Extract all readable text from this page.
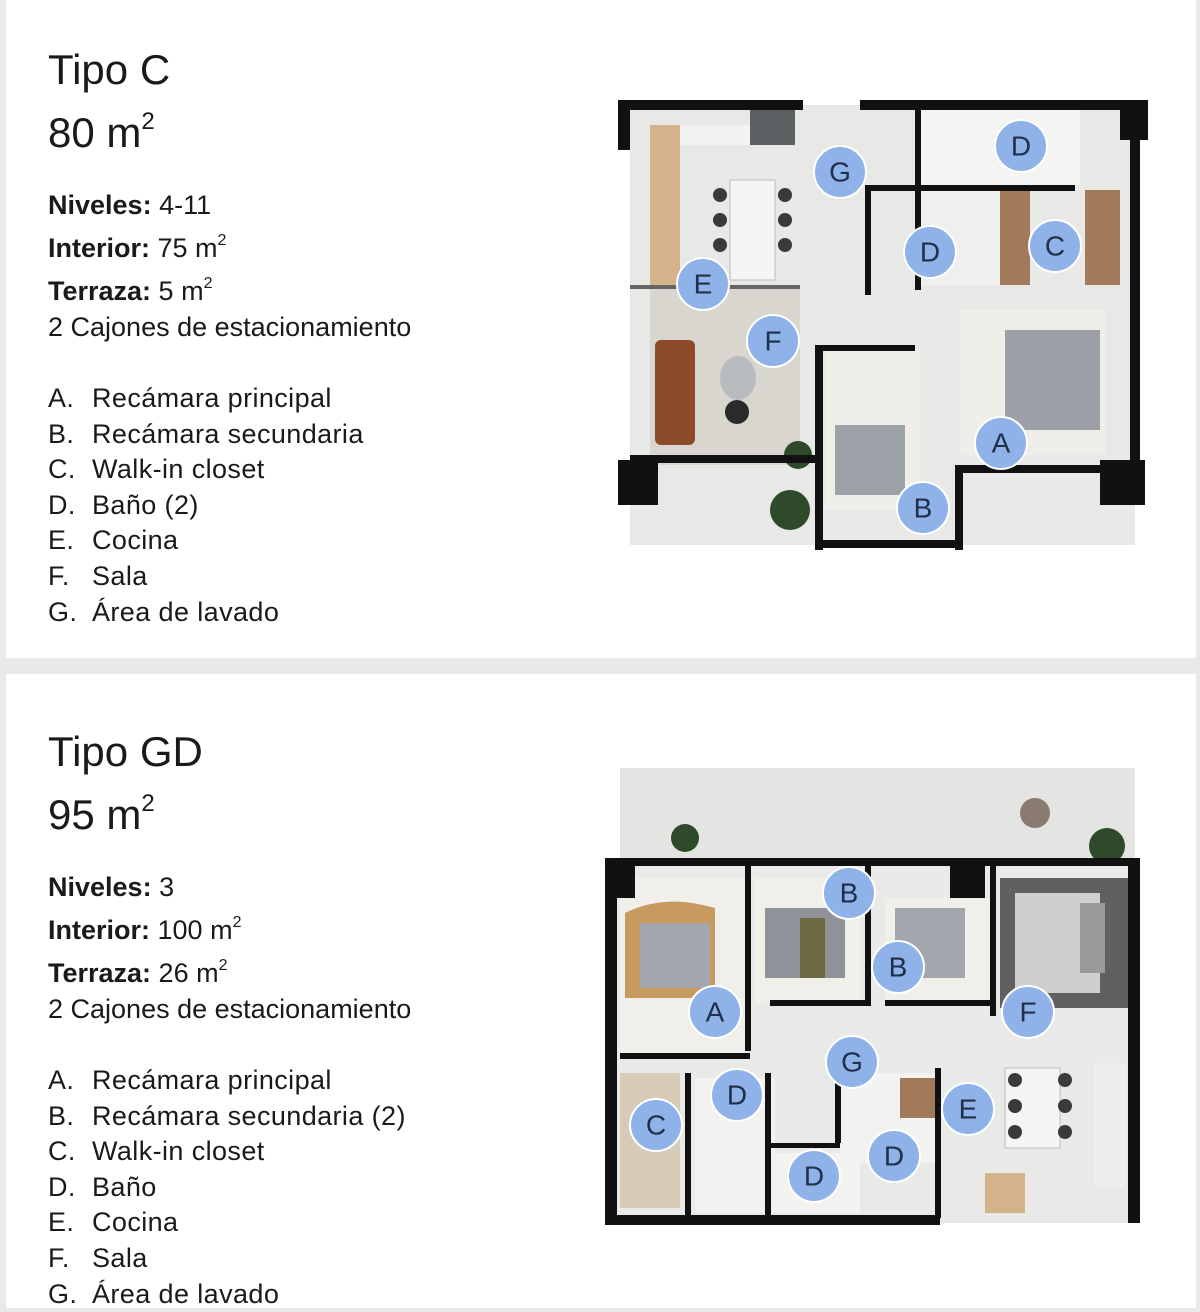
Tipo C
80 $m^2$
Niveles: 4-11
Interior: 75 $m^2$
Terraza: 5 $m^2$
2 Cajones de estacionamiento
A. Recámara principal
B. Recámara secundaria
C. Walk-in closet
D. Baño (2)
E. Cocina
F. Sala
G. Área de lavado
G
D
D	C
E
F
A
B
Tipo GD
95 $m^2$
Niveles: 3
Interior: 100 $m^2$
Terraza: 26 $m^2$
2 Cajones de estacionamiento
A. Recámara principal
B. Recámara secundaria (2)
C. Walk-in closet
D. Baño
E. Cocina
F. Sala
G. Área de lavado
B
B
A	F
G
D
C
E
D
D
